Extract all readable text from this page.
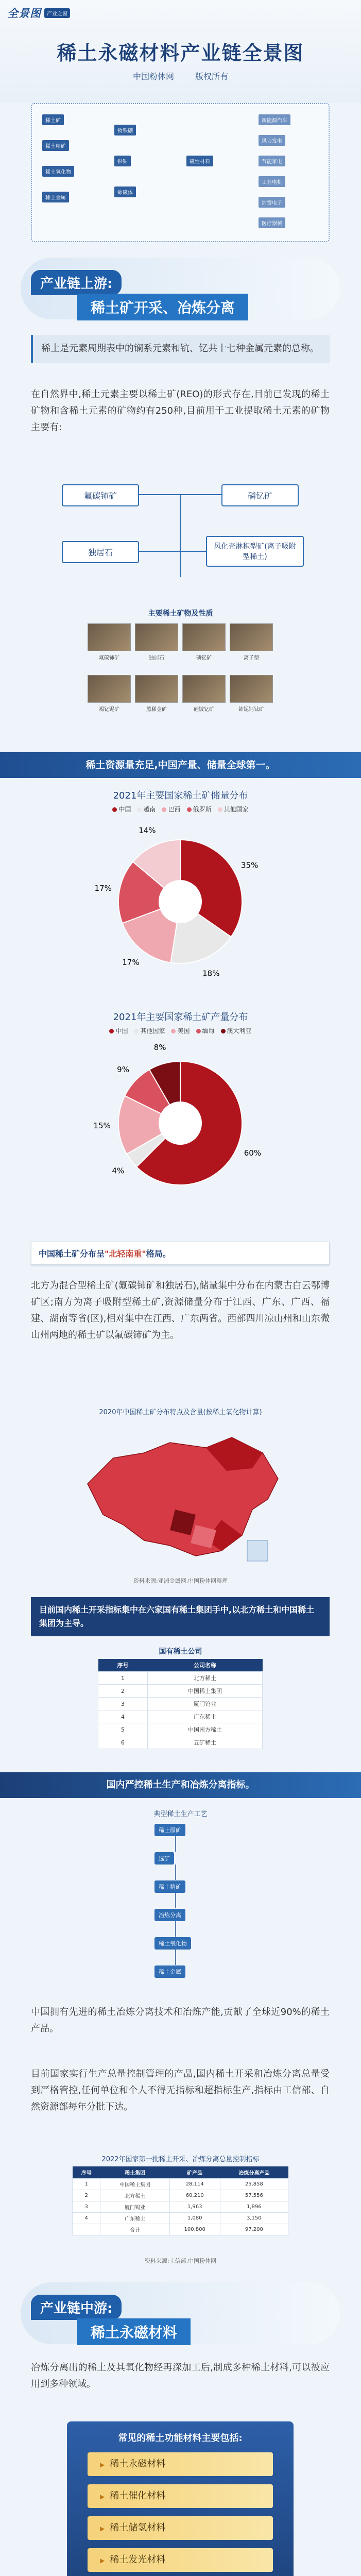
全景图	产业之窗
稀土永磁材料产业链全景图
中国粉体网	版权所有
稀土矿
稀土精矿
稀土氧化物
稀土金属
钕铁硼
钐钴
铈磁体
磁性材料
新能源汽车
风力发电
节能家电
工业电机
消费电子
医疗器械
产业链上游:
稀土矿开采、冶炼分离
稀土是元素周期表中的镧系元素和钪、钇共十七种金属元素的总称。
在自然界中,稀土元素主要以稀土矿(REO)的形式存在,目前已发现的稀土矿物和含稀土元素的矿物约有250种,目前用于工业提取稀土元素的矿物主要有:
氟碳铈矿	磷钇矿
独居石
风化壳淋积型矿(离子吸附型稀土)
主要稀土矿物及性质
氟碳铈矿	独居石	磷钇矿	离子型
褐钇铌矿	黑稀金矿	硅铍钇矿	铈铌钙钛矿
稀土资源量充足,中国产量、储量全球第一。
2021年主要国家稀土矿储量分布
中国 越南 巴西 俄罗斯 其他国家
35%
18%
17%
17%
14%
2021年主要国家稀土矿产量分布
中国 其他国家 美国 缅甸 澳大利亚
60%
4%
15%
9%
8%
中国稀土矿分布呈"北轻南重"格局。
北方为混合型稀土矿(氟碳铈矿和独居石),储量集中分布在内蒙古白云鄂博矿区;南方为离子吸附型稀土矿,资源储量分布于江西、广东、广西、福建、湖南等省(区),相对集中在江西、广东两省。西部四川凉山州和山东微山州两地的稀土矿以氟碳铈矿为主。
2020年中国稀土矿分布特点及含量(按稀土氧化物计算)
资料来源:亚洲金属网,中国粉体网整理
目前国内稀土开采指标集中在六家国有稀土集团手中,以北方稀土和中国稀土集团为主导。
国有稀土公司
序号	公司名称
1	北方稀土
2	中国稀土集团
3	厦门钨业
4	广东稀土
5	中国南方稀土
6	五矿稀土
国内严控稀土生产和冶炼分离指标。
典型稀土生产工艺
稀土原矿
选矿
稀土精矿
冶炼分离
稀土氧化物
稀土金属
中国拥有先进的稀土冶炼分离技术和冶炼产能,贡献了全球近90%的稀土产品。
目前国家实行生产总量控制管理的产品,国内稀土开采和冶炼分离总量受到严格管控,任何单位和个人不得无指标和超指标生产,指标由工信部、自然资源部每年分批下达。
2022年国家第一批稀土开采、冶炼分离总量控制指标
序号	稀土集团	矿产品	冶炼分离产品
1	中国稀土集团	28,114	25,858
2	北方稀土	60,210	57,556
3	厦门钨业	1,963	1,896
4	广东稀土	1,080	3,150
	合计	100,800	97,200
资料来源:工信部,中国粉体网
产业链中游:
稀土永磁材料
冶炼分离出的稀土及其氧化物经再深加工后,制成多种稀土材料,可以被应用到多种领域。
常见的稀土功能材料主要包括:
▶ 稀土永磁材料
▶ 稀土催化材料
▶ 稀土储氢材料
▶ 稀土发光材料
